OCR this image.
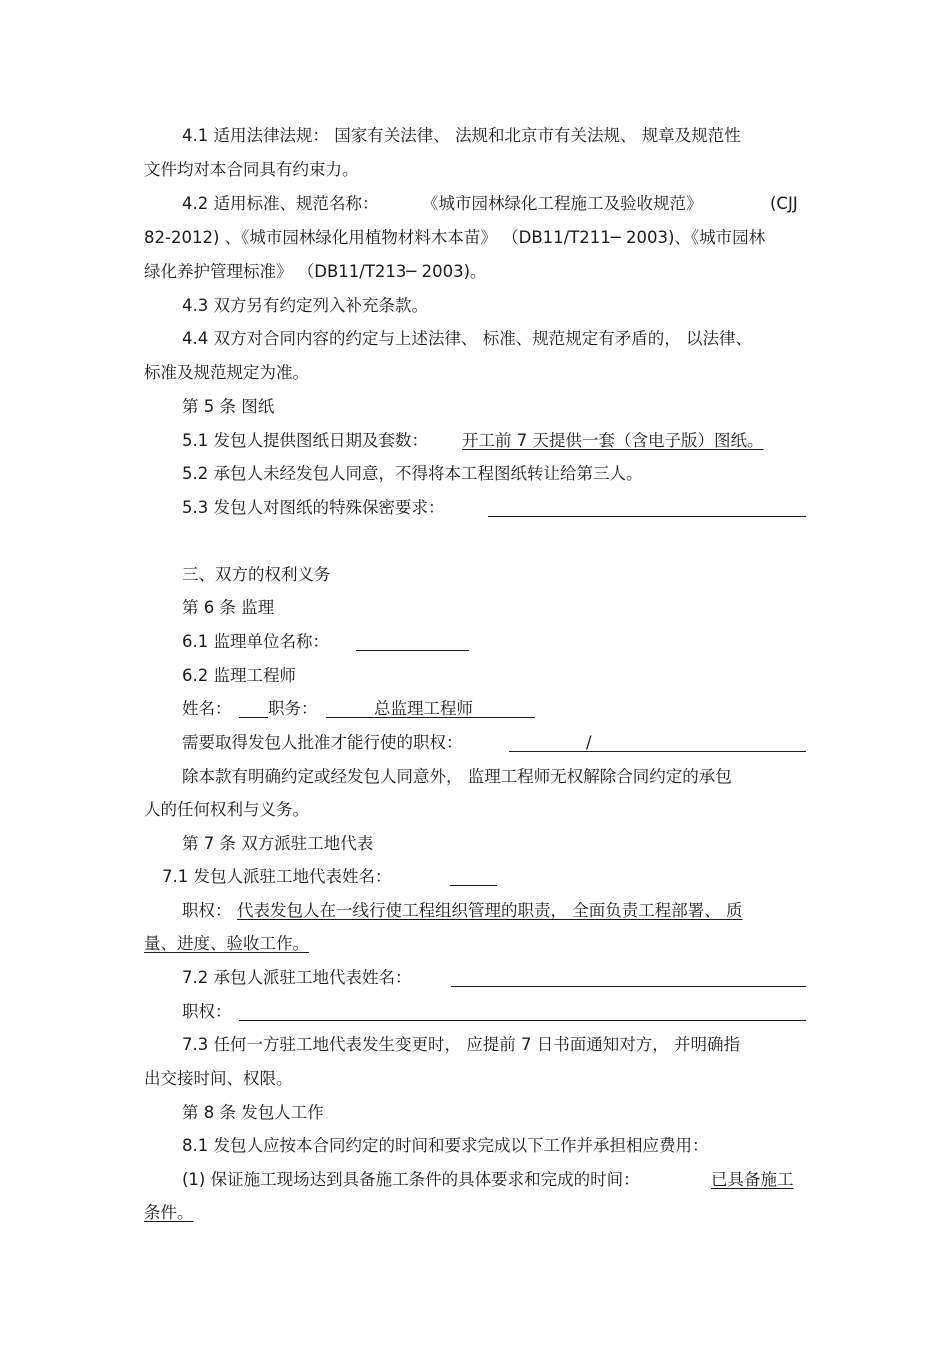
4.1 适用法律法规： 国家有关法律、 法规和北京市有关法规、 规章及规范性
文件均对本合同具有约束力。
4.2 适用标准、规范名称：	《城市园林绿化工程施工及验收规范》	(CJJ
82-2012) 、《城市园林绿化用植物材料木本苗》 （DB11/T211─ 2003)、《城市园林
绿化养护管理标准》 （DB11/T213─ 2003)。
4.3 双方另有约定列入补充条款。
4.4 双方对合同内容的约定与上述法律、 标准、规范规定有矛盾的， 以法律、
标准及规范规定为准。
第 5 条 图纸
5.1 发包人提供图纸日期及套数： 开工前 7 天提供一套（含电子版）图纸。
5.2 承包人未经发包人同意，不得将本工程图纸转让给第三人。
5.3 发包人对图纸的特殊保密要求：
三、双方的权利义务
第 6 条 监理
6.1 监理单位名称：
6.2 监理工程师
姓名： 职务：	总监理工程师
需要取得发包人批准才能行使的职权：	/
除本款有明确约定或经发包人同意外， 监理工程师无权解除合同约定的承包
人的任何权利与义务。
第 7 条 双方派驻工地代表
7.1 发包人派驻工地代表姓名：
职权： 代表发包人在一线行使工程组织管理的职责， 全面负责工程部署、 质
量、进度、验收工作。
7.2 承包人派驻工地代表姓名：
职权：
7.3 任何一方驻工地代表发生变更时， 应提前 7 日书面通知对方， 并明确指
出交接时间、权限。
第 8 条 发包人工作
8.1 发包人应按本合同约定的时间和要求完成以下工作并承担相应费用：
(1) 保证施工现场达到具备施工条件的具体要求和完成的时间：	已具备施工
条件。
